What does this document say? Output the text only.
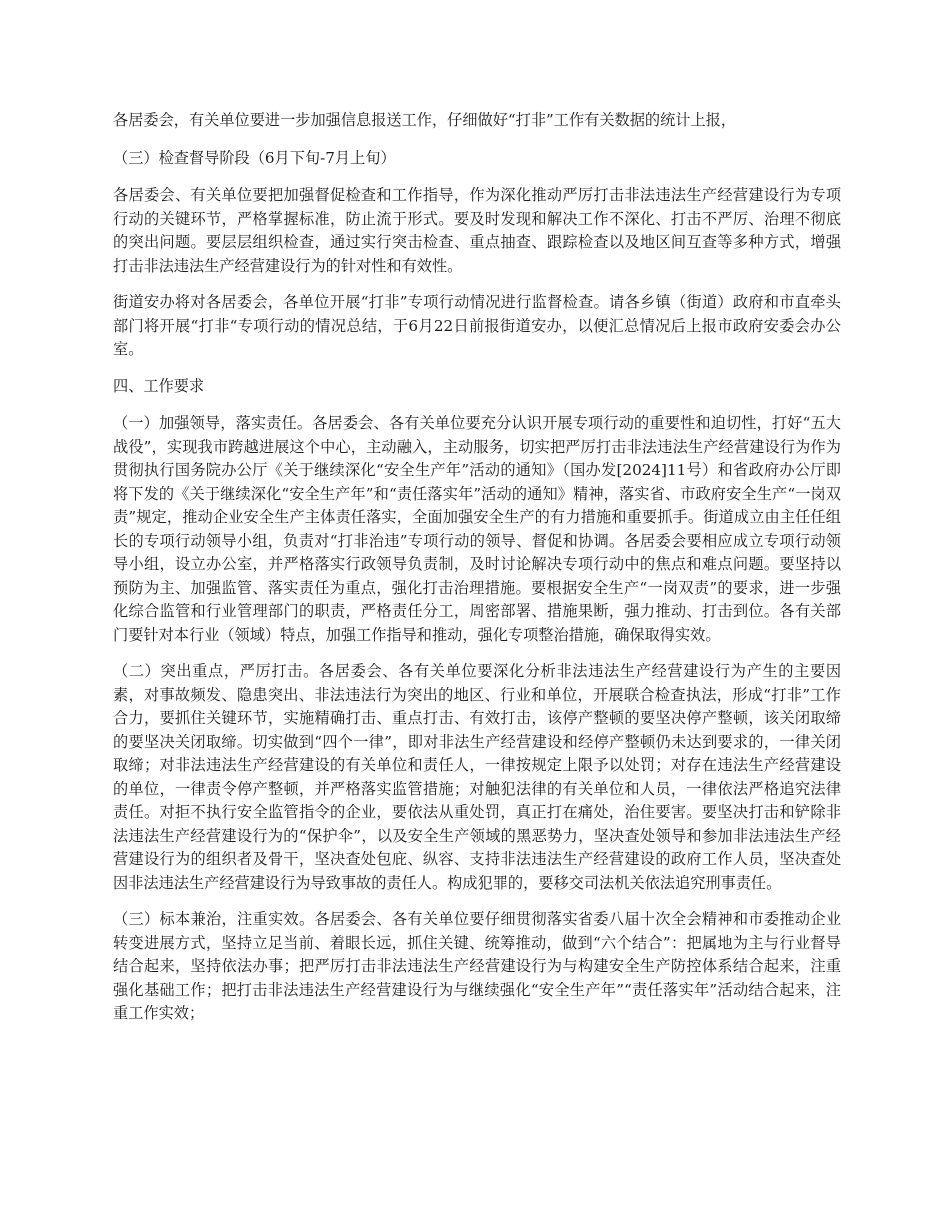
各居委会，有关单位要进一步加强信息报送工作，仔细做好“打非”工作有关数据的统计上报，

（三）检查督导阶段（6月下旬-7月上旬）

各居委会、有关单位要把加强督促检查和工作指导，作为深化推动严厉打击非法违法生产经营建设行为专项行动的关键环节，严格掌握标准，防止流于形式。要及时发现和解决工作不深化、打击不严厉、治理不彻底的突出问题。要层层组织检查，通过实行突击检查、重点抽查、跟踪检查以及地区间互查等多种方式，增强打击非法违法生产经营建设行为的针对性和有效性。

街道安办将对各居委会，各单位开展“打非”专项行动情况进行监督检查。请各乡镇（街道）政府和市直牵头部门将开展“打非“专项行动的情况总结，于6月22日前报街道安办，以便汇总情况后上报市政府安委会办公室。

四、工作要求

（一）加强领导，落实责任。各居委会、各有关单位要充分认识开展专项行动的重要性和迫切性，打好“五大战役”，实现我市跨越进展这个中心，主动融入，主动服务，切实把严厉打击非法违法生产经营建设行为作为贯彻执行国务院办公厅《关于继续深化“安全生产年”活动的通知》（国办发[2024]11号）和省政府办公厅即将下发的《关于继续深化“安全生产年”和“责任落实年”活动的通知》精神，落实省、市政府安全生产“一岗双责”规定，推动企业安全生产主体责任落实，全面加强安全生产的有力措施和重要抓手。街道成立由主任任组长的专项行动领导小组，负责对“打非治违”专项行动的领导、督促和协调。各居委会要相应成立专项行动领导小组，设立办公室，并严格落实行政领导负责制，及时讨论解决专项行动中的焦点和难点问题。要坚持以预防为主、加强监管、落实责任为重点，强化打击治理措施。要根据安全生产“一岗双责”的要求，进一步强化综合监管和行业管理部门的职责，严格责任分工，周密部署、措施果断，强力推动、打击到位。各有关部门要针对本行业（领域）特点，加强工作指导和推动，强化专项整治措施，确保取得实效。

（二）突出重点，严厉打击。各居委会、各有关单位要深化分析非法违法生产经营建设行为产生的主要因素，对事故频发、隐患突出、非法违法行为突出的地区、行业和单位，开展联合检查执法，形成“打非”工作合力，要抓住关键环节，实施精确打击、重点打击、有效打击，该停产整顿的要坚决停产整顿，该关闭取缔的要坚决关闭取缔。切实做到“四个一律”，即对非法生产经营建设和经停产整顿仍未达到要求的，一律关闭取缔；对非法违法生产经营建设的有关单位和责任人，一律按规定上限予以处罚；对存在违法生产经营建设的单位，一律责令停产整顿，并严格落实监管措施；对触犯法律的有关单位和人员，一律依法严格追究法律责任。对拒不执行安全监管指令的企业，要依法从重处罚，真正打在痛处，治住要害。要坚决打击和铲除非法违法生产经营建设行为的“保护伞”，以及安全生产领域的黑恶势力，坚决查处领导和参加非法违法生产经营建设行为的组织者及骨干，坚决查处包庇、纵容、支持非法违法生产经营建设的政府工作人员，坚决查处因非法违法生产经营建设行为导致事故的责任人。构成犯罪的，要移交司法机关依法追究刑事责任。

（三）标本兼治，注重实效。各居委会、各有关单位要仔细贯彻落实省委八届十次全会精神和市委推动企业转变进展方式，坚持立足当前、着眼长远，抓住关键、统筹推动，做到“六个结合”：把属地为主与行业督导结合起来，坚持依法办事；把严厉打击非法违法生产经营建设行为与构建安全生产防控体系结合起来，注重强化基础工作；把打击非法违法生产经营建设行为与继续强化“安全生产年”“责任落实年”活动结合起来，注重工作实效；
